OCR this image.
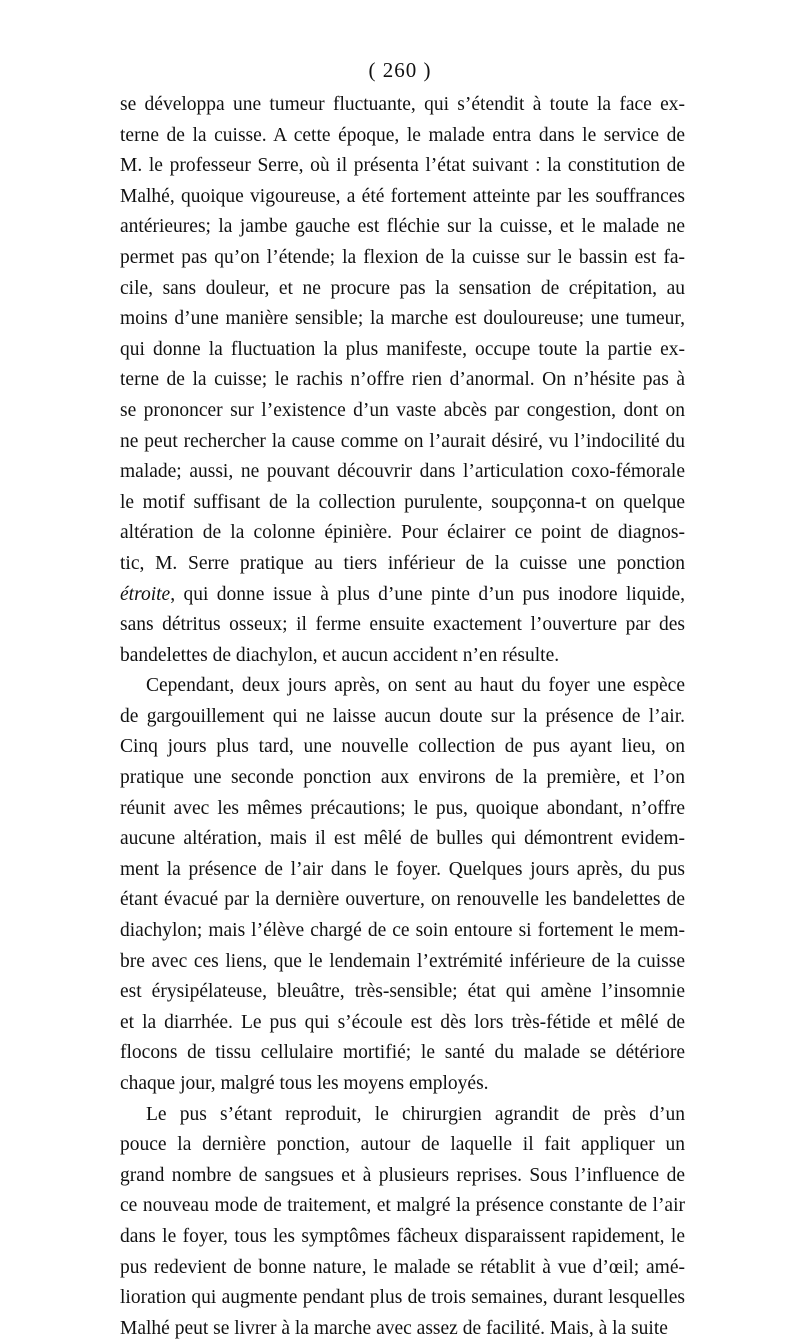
( 260 )
se développa une tumeur fluctuante, qui s’étendit à toute la face ex-
terne de la cuisse. A cette époque, le malade entra dans le service de
M. le professeur Serre, où il présenta l’état suivant : la constitution de
Malhé, quoique vigoureuse, a été fortement atteinte par les souffrances
antérieures; la jambe gauche est fléchie sur la cuisse, et le malade ne
permet pas qu’on l’étende; la flexion de la cuisse sur le bassin est fa-
cile, sans douleur, et ne procure pas la sensation de crépitation, au
moins d’une manière sensible; la marche est douloureuse; une tumeur,
qui donne la fluctuation la plus manifeste, occupe toute la partie ex-
terne de la cuisse; le rachis n’offre rien d’anormal. On n’hésite pas à
se prononcer sur l’existence d’un vaste abcès par congestion, dont on
ne peut rechercher la cause comme on l’aurait désiré, vu l’indocilité du
malade; aussi, ne pouvant découvrir dans l’articulation coxo-fémorale
le motif suffisant de la collection purulente, soupçonna-t on quelque
altération de la colonne épinière. Pour éclairer ce point de diagnos-
tic, M. Serre pratique au tiers inférieur de la cuisse une ponction
étroite, qui donne issue à plus d’une pinte d’un pus inodore liquide,
sans détritus osseux; il ferme ensuite exactement l’ouverture par des
bandelettes de diachylon, et aucun accident n’en résulte.
Cependant, deux jours après, on sent au haut du foyer une espèce
de gargouillement qui ne laisse aucun doute sur la présence de l’air.
Cinq jours plus tard, une nouvelle collection de pus ayant lieu, on
pratique une seconde ponction aux environs de la première, et l’on
réunit avec les mêmes précautions; le pus, quoique abondant, n’offre
aucune altération, mais il est mêlé de bulles qui démontrent evidem-
ment la présence de l’air dans le foyer. Quelques jours après, du pus
étant évacué par la dernière ouverture, on renouvelle les bandelettes de
diachylon; mais l’élève chargé de ce soin entoure si fortement le mem-
bre avec ces liens, que le lendemain l’extrémité inférieure de la cuisse
est érysipélateuse, bleuâtre, très-sensible; état qui amène l’insomnie
et la diarrhée. Le pus qui s’écoule est dès lors très-fétide et mêlé de
flocons de tissu cellulaire mortifié; le santé du malade se détériore
chaque jour, malgré tous les moyens employés.
Le pus s’étant reproduit, le chirurgien agrandit de près d’un
pouce la dernière ponction, autour de laquelle il fait appliquer un
grand nombre de sangsues et à plusieurs reprises. Sous l’influence de
ce nouveau mode de traitement, et malgré la présence constante de l’air
dans le foyer, tous les symptômes fâcheux disparaissent rapidement, le
pus redevient de bonne nature, le malade se rétablit à vue d’œil; amé-
lioration qui augmente pendant plus de trois semaines, durant lesquelles
Malhé peut se livrer à la marche avec assez de facilité. Mais, à la suite
